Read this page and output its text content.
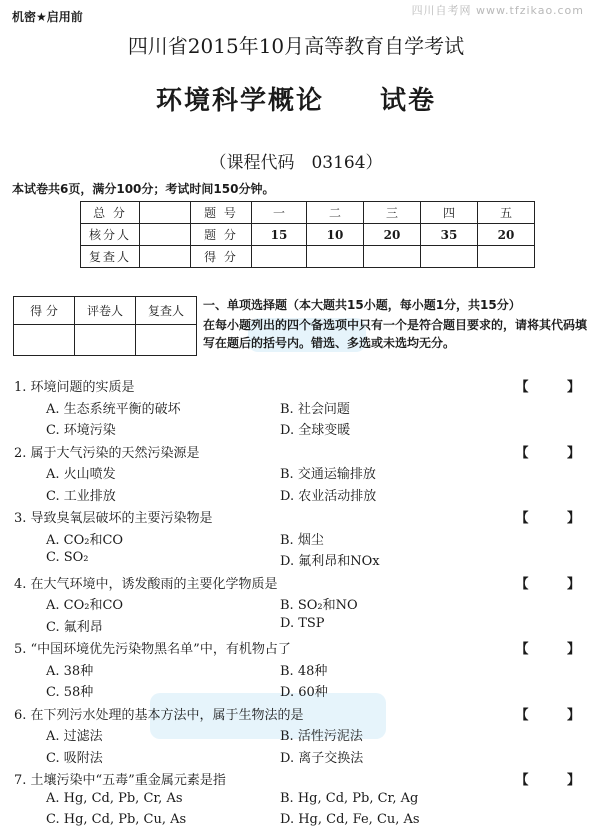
四川自考网 www.tfzikao.com
机密★启用前
四川省2015年10月高等教育自学考试
环境科学概论 试卷
（课程代码　03164）
本试卷共6页，满分100分；考试时间150分钟。
总 分		题 号	一	二	三	四	五
核分人		题 分	15	10	20	35	20
复查人		得 分					
得 分	评卷人	复查人
		一、单项选择题（本大题共15小题，每小题1分，共15分）
在每小题列出的四个备选项中只有一个是符合题目要求的，请将其代码填写在题后的括号内。错选、多选或未选均无分。
1. 环境问题的实质是	【 】
A. 生态系统平衡的破坏	B. 社会问题
C. 环境污染	D. 全球变暖
2. 属于大气污染的天然污染源是	【 】
A. 火山喷发	B. 交通运输排放
C. 工业排放	D. 农业活动排放
3. 导致臭氧层破坏的主要污染物是	【 】
A. CO₂和CO	B. 烟尘
C. SO₂	D. 氟利昂和NOx
4. 在大气环境中，诱发酸雨的主要化学物质是	【 】
A. CO₂和CO	B. SO₂和NO
C. 氟利昂	D. TSP
5. “中国环境优先污染物黑名单”中，有机物占了	【 】
A. 38种	B. 48种
C. 58种	D. 60种
6. 在下列污水处理的基本方法中，属于生物法的是	【 】
A. 过滤法	B. 活性污泥法
C. 吸附法	D. 离子交换法
7. 土壤污染中“五毒”重金属元素是指	【 】
A. Hg, Cd, Pb, Cr, As	B. Hg, Cd, Pb, Cr, Ag
C. Hg, Cd, Pb, Cu, As	D. Hg, Cd, Fe, Cu, As
